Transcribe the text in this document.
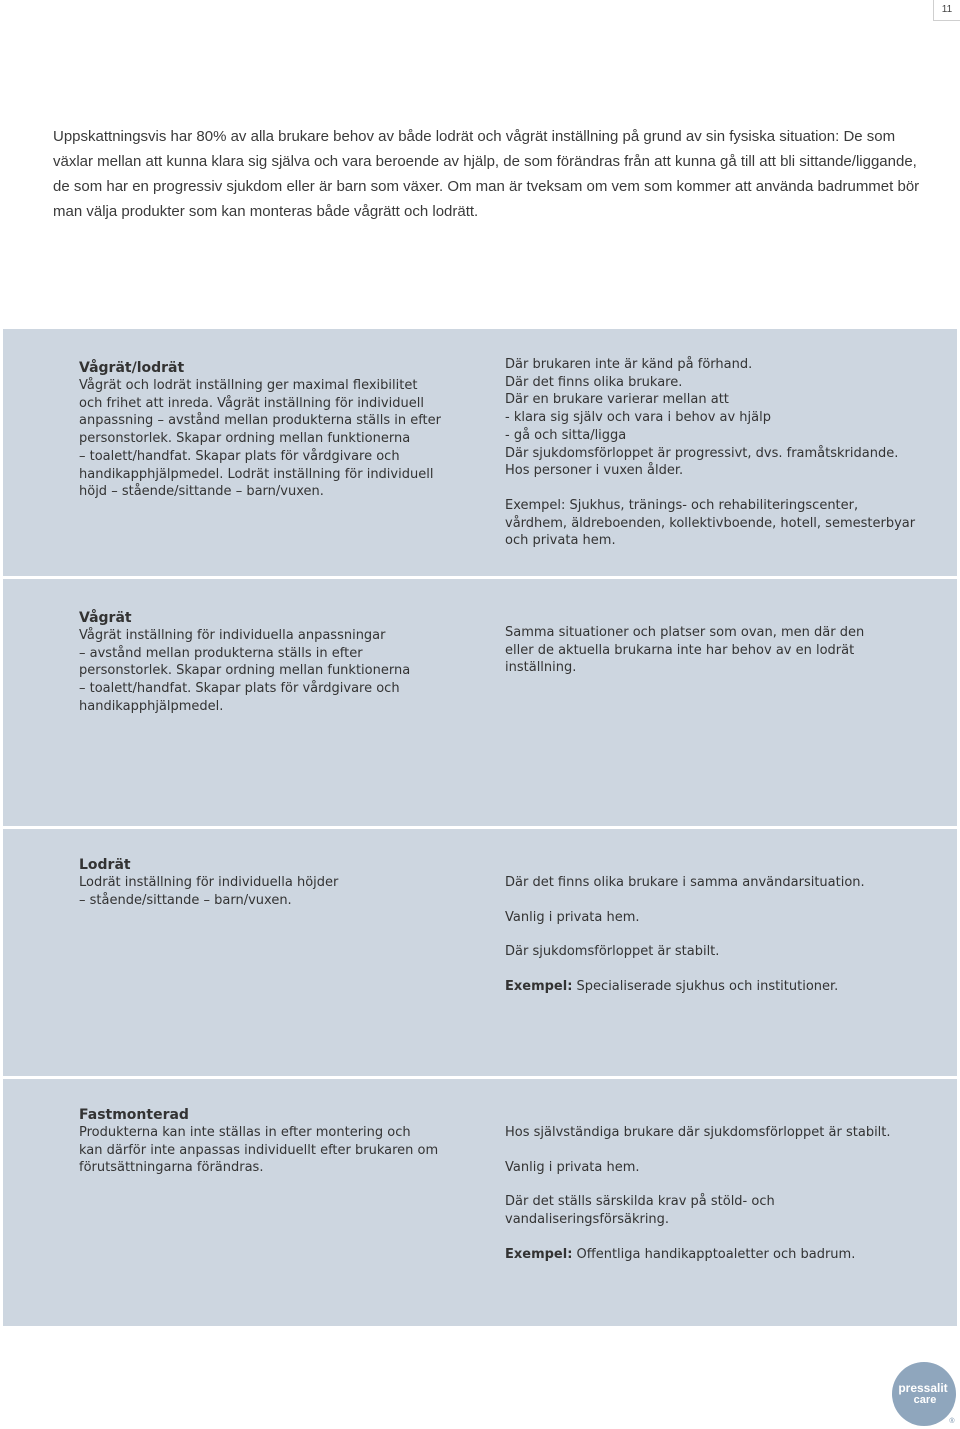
11

Uppskattningsvis har 80% av alla brukare behov av både lodrät och vågrät inställning på grund av sin fysiska situation: De som växlar mellan att kunna klara sig själva och vara beroende av hjälp, de som förändras från att kunna gå till att bli sittande/liggande, de som har en progressiv sjukdom eller är barn som växer. Om man är tveksam om vem som kommer att använda badrummet bör man välja produkter som kan monteras både vågrätt och lodrätt.

Vågrät/lodrät
Vågrät och lodrät inställning ger maximal flexibilitet
och frihet att inreda. Vågrät inställning för individuell
anpassning – avstånd mellan produkterna ställs in efter
personstorlek. Skapar ordning mellan funktionerna
– toalett/handfat. Skapar plats för vårdgivare och
handikapphjälpmedel. Lodrät inställning för individuell
höjd – stående/sittande – barn/vuxen.
Där brukaren inte är känd på förhand.
Där det finns olika brukare.
Där en brukare varierar mellan att
- klara sig själv och vara i behov av hjälp
- gå och sitta/ligga
Där sjukdomsförloppet är progressivt, dvs. framåtskridande.
Hos personer i vuxen ålder.
Exempel: Sjukhus, tränings- och rehabiliteringscenter,
vårdhem, äldreboenden, kollektivboende, hotell, semesterbyar
och privata hem.
Vågrät
Vågrät inställning för individuella anpassningar
– avstånd mellan produkterna ställs in efter
personstorlek. Skapar ordning mellan funktionerna
– toalett/handfat. Skapar plats för vårdgivare och
handikapphjälpmedel.
Samma situationer och platser som ovan, men där den
eller de aktuella brukarna inte har behov av en lodrät
inställning.
Lodrät
Lodrät inställning för individuella höjder
– stående/sittande – barn/vuxen.
Där det finns olika brukare i samma användarsituation.
Vanlig i privata hem.
Där sjukdomsförloppet är stabilt.
Exempel: Specialiserade sjukhus och institutioner.
Fastmonterad
Produkterna kan inte ställas in efter montering och
kan därför inte anpassas individuellt efter brukaren om
förutsättningarna förändras.
Hos självständiga brukare där sjukdomsförloppet är stabilt.
Vanlig i privata hem.
Där det ställs särskilda krav på stöld- och
vandaliseringsförsäkring.
Exempel: Offentliga handikapptoaletter och badrum.
pressalit
care
®
